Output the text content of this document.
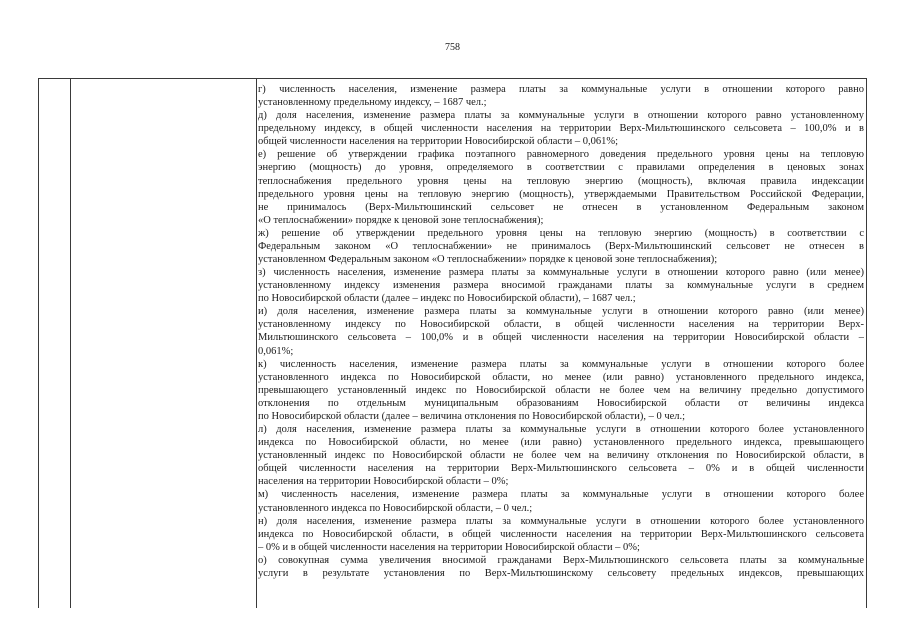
758
г) численность населения, изменение размера платы за коммунальные услуги в отношении которого равно
установленному предельному индексу, – 1687 чел.;
д) доля населения, изменение размера платы за коммунальные услуги в отношении которого равно установленному
предельному индексу, в общей численности населения на территории Верх-Мильтюшинского сельсовета – 100,0% и в
общей численности населения на территории Новосибирской области – 0,061%;
е) решение об утверждении графика поэтапного равномерного доведения предельного уровня цены на тепловую
энергию (мощность) до уровня, определяемого в соответствии с правилами определения в ценовых зонах
теплоснабжения предельного уровня цены на тепловую энергию (мощность), включая правила индексации
предельного уровня цены на тепловую энергию (мощность), утверждаемыми Правительством Российской Федерации,
не принималось (Верх-Мильтюшинский сельсовет не отнесен в установленном Федеральным законом
«О теплоснабжении» порядке к ценовой зоне теплоснабжения);
ж) решение об утверждении предельного уровня цены на тепловую энергию (мощность) в соответствии с
Федеральным законом «О теплоснабжении» не принималось (Верх-Мильтюшинский сельсовет не отнесен в
установленном Федеральным законом «О теплоснабжении» порядке к ценовой зоне теплоснабжения);
з) численность населения, изменение размера платы за коммунальные услуги в отношении которого равно (или менее)
установленному индексу изменения размера вносимой гражданами платы за коммунальные услуги в среднем
по Новосибирской области (далее – индекс по Новосибирской области), – 1687 чел.;
и) доля населения, изменение размера платы за коммунальные услуги в отношении которого равно (или менее)
установленному индексу по Новосибирской области, в общей численности населения на территории Верх-
Мильтюшинского сельсовета – 100,0% и в общей численности населения на территории Новосибирской области –
0,061%;
к) численность населения, изменение размера платы за коммунальные услуги в отношении которого более
установленного индекса по Новосибирской области, но менее (или равно) установленного предельного индекса,
превышающего установленный индекс по Новосибирской области не более чем на величину предельно допустимого
отклонения по отдельным муниципальным образованиям Новосибирской области от величины индекса
по Новосибирской области (далее – величина отклонения по Новосибирской области), – 0 чел.;
л) доля населения, изменение размера платы за коммунальные услуги в отношении которого более установленного
индекса по Новосибирской области, но менее (или равно) установленного предельного индекса, превышающего
установленный индекс по Новосибирской области не более чем на величину отклонения по Новосибирской области, в
общей численности населения на территории Верх-Мильтюшинского сельсовета – 0% и в общей численности
населения на территории Новосибирской области – 0%;
м) численность населения, изменение размера платы за коммунальные услуги в отношении которого более
установленного индекса по Новосибирской области, – 0 чел.;
н) доля населения, изменение размера платы за коммунальные услуги в отношении которого более установленного
индекса по Новосибирской области, в общей численности населения на территории Верх-Мильтюшинского сельсовета
– 0% и в общей численности населения на территории Новосибирской области – 0%;
о) совокупная сумма увеличения вносимой гражданами Верх-Мильтюшинского сельсовета платы за коммунальные
услуги в результате установления по Верх-Мильтюшинскому сельсовету предельных индексов, превышающих
